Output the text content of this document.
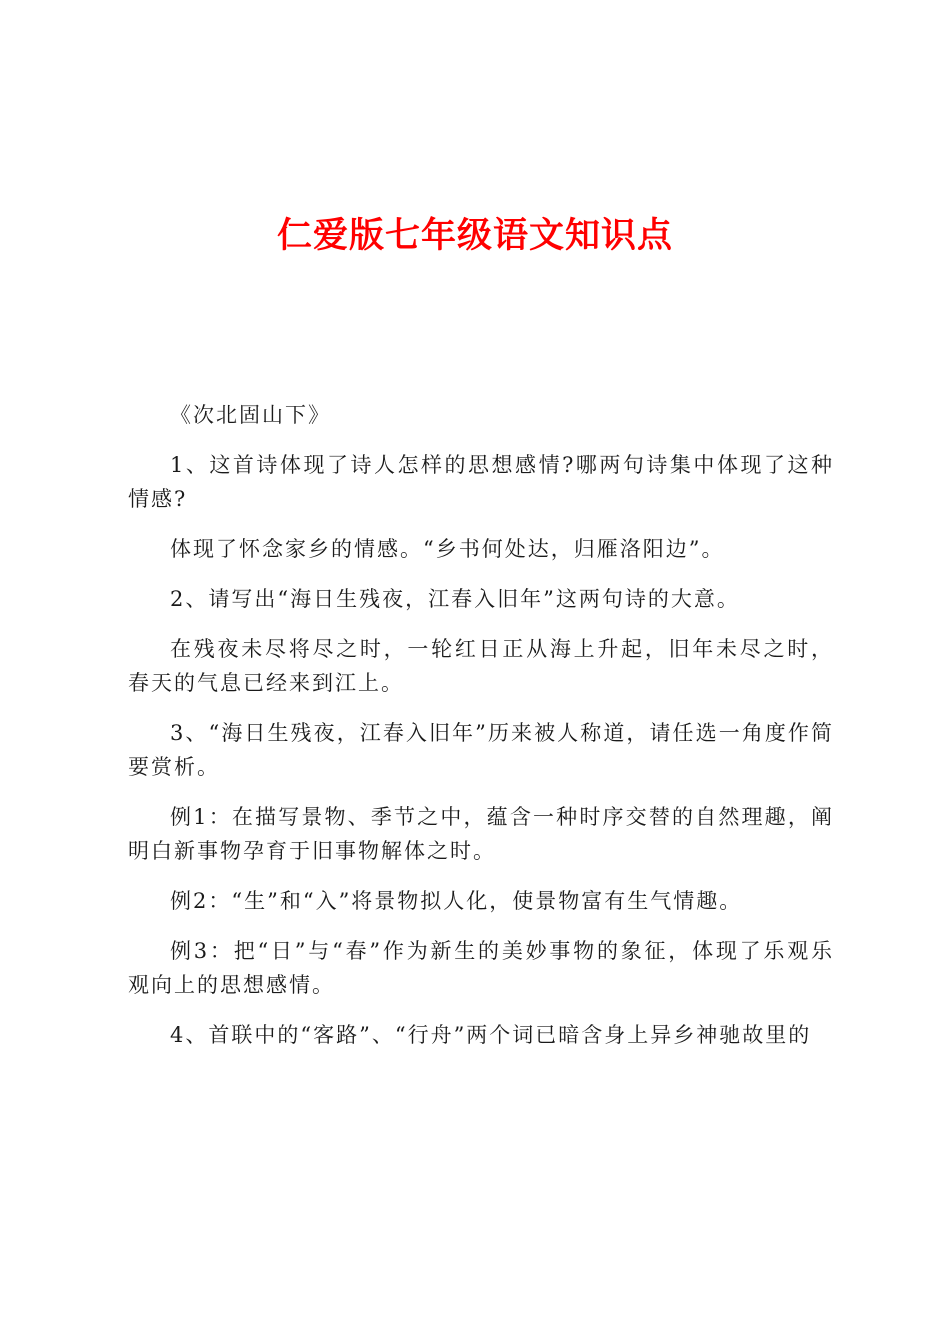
仁爱版七年级语文知识点

《次北固山下》

1、这首诗体现了诗人怎样的思想感情?哪两句诗集中体现了这种情感?

体现了怀念家乡的情感。“乡书何处达，归雁洛阳边”。

2、请写出“海日生残夜，江春入旧年”这两句诗的大意。

在残夜未尽将尽之时，一轮红日正从海上升起，旧年未尽之时，春天的气息已经来到江上。

3、“海日生残夜，江春入旧年”历来被人称道，请任选一角度作简要赏析。

例1：在描写景物、季节之中，蕴含一种时序交替的自然理趣，阐明白新事物孕育于旧事物解体之时。

例2：“生”和“入”将景物拟人化，使景物富有生气情趣。

例3：把“日”与“春”作为新生的美妙事物的象征，体现了乐观乐观向上的思想感情。

4、首联中的“客路”、“行舟”两个词已暗含身上异乡神驰故里的
